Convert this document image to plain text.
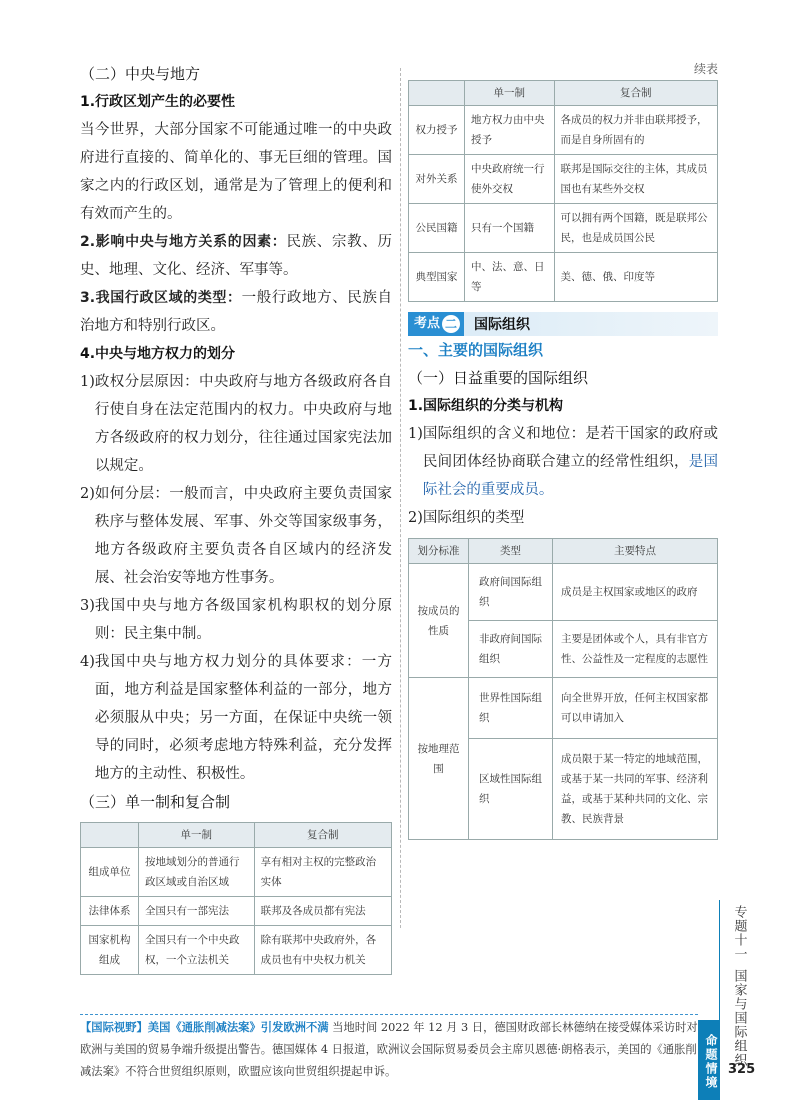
（二）中央与地方
1.行政区划产生的必要性
当今世界，大部分国家不可能通过唯一的中央政府进行直接的、简单化的、事无巨细的管理。国家之内的行政区划，通常是为了管理上的便利和有效而产生的。
2.影响中央与地方关系的因素：民族、宗教、历史、地理、文化、经济、军事等。
3.我国行政区域的类型：一般行政地方、民族自治地方和特别行政区。
4.中央与地方权力的划分
1) 政权分层原因：中央政府与地方各级政府各自行使自身在法定范围内的权力。中央政府与地方各级政府的权力划分，往往通过国家宪法加以规定。
2) 如何分层：一般而言，中央政府主要负责国家秩序与整体发展、军事、外交等国家级事务，地方各级政府主要负责各自区域内的经济发展、社会治安等地方性事务。
3) 我国中央与地方各级国家机构职权的划分原则：民主集中制。
4) 我国中央与地方权力划分的具体要求：一方面，地方利益是国家整体利益的一部分，地方必须服从中央；另一方面，在保证中央统一领导的同时，必须考虑地方特殊利益，充分发挥地方的主动性、积极性。
（三）单一制和复合制
	单一制	复合制
组成单位	按地域划分的普通行政区域或自治区域	享有相对主权的完整政治实体
法律体系	全国只有一部宪法	联邦及各成员都有宪法
国家机构组成	全国只有一个中央政权，一个立法机关	除有联邦中央政府外，各成员也有中央权力机关
续表
	单一制	复合制
权力授予	地方权力由中央授予	各成员的权力并非由联邦授予，而是自身所固有的
对外关系	中央政府统一行使外交权	联邦是国际交往的主体，其成员国也有某些外交权
公民国籍	只有一个国籍	可以拥有两个国籍，既是联邦公民，也是成员国公民
典型国家	中、法、意、日等	美、德、俄、印度等
考点 二 国际组织
一、主要的国际组织
（一）日益重要的国际组织
1.国际组织的分类与机构
1) 国际组织的含义和地位：是若干国家的政府或民间团体经协商联合建立的经常性组织，是国际社会的重要成员。
2)国际组织的类型
划分标准	类型	主要特点
按成员的性质	政府间国际组织	成员是主权国家或地区的政府
	非政府间国际组织	主要是团体或个人，具有非官方性、公益性及一定程度的志愿性
按地理范围	世界性国际组织	向全世界开放，任何主权国家都可以申请加入
	区域性国际组织	成员限于某一特定的地域范围，或基于某一共同的军事、经济利益，或基于某种共同的文化、宗教、民族背景
专题十一
国家与国际组织
命题情境 325
【国际视野】美国《通胀削减法案》引发欧洲不满 当地时间 2022 年 12 月 3 日，德国财政部长林德纳在接受媒体采访时对欧洲与美国的贸易争端升级提出警告。德国媒体 4 日报道，欧洲议会国际贸易委员会主席贝恩德·朗格表示，美国的《通胀削减法案》不符合世贸组织原则，欧盟应该向世贸组织提起申诉。
